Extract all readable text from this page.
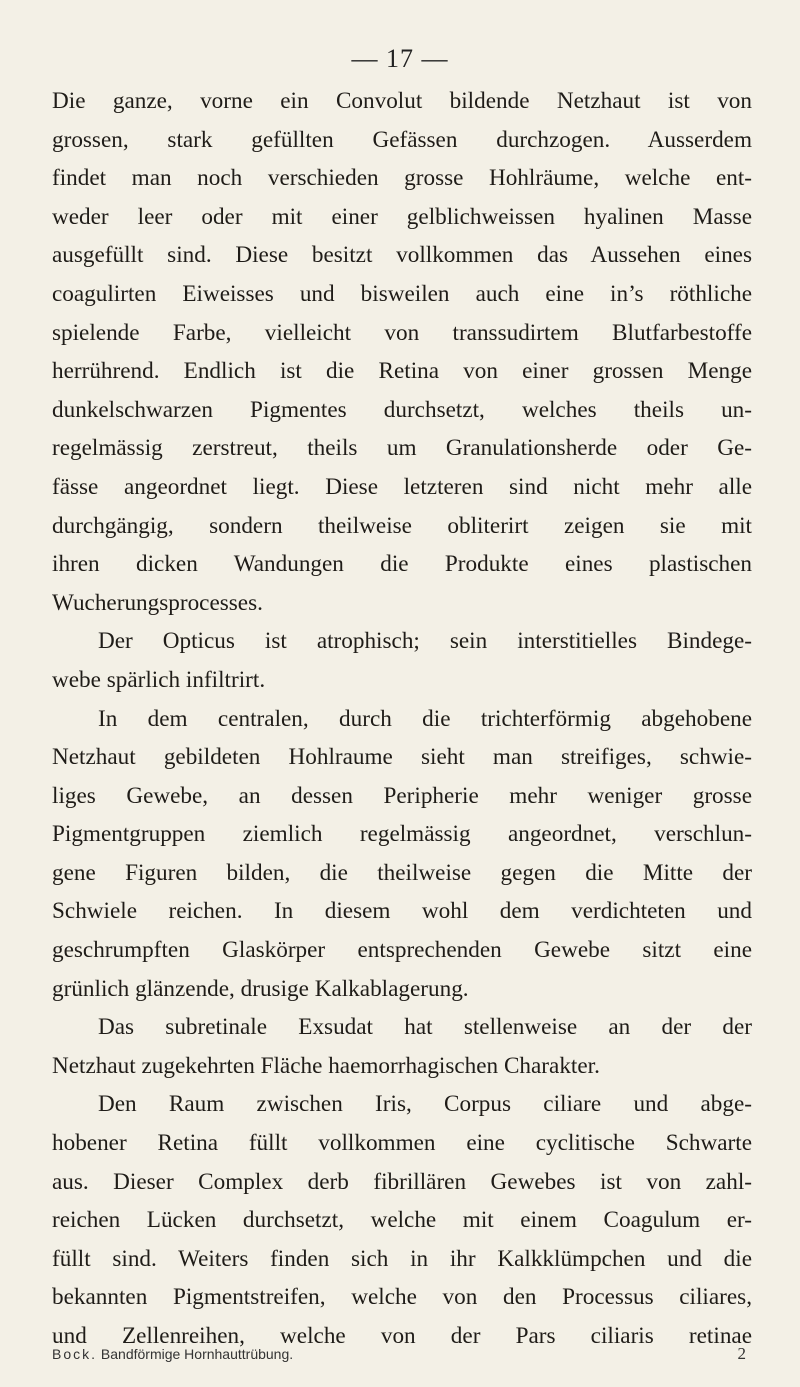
— 17 —
Die ganze, vorne ein Convolut bildende Netzhaut ist von
grossen, stark gefüllten Gefässen durchzogen. Ausserdem
findet man noch verschieden grosse Hohlräume, welche ent-
weder leer oder mit einer gelblichweissen hyalinen Masse
ausgefüllt sind. Diese besitzt vollkommen das Aussehen eines
coagulirten Eiweisses und bisweilen auch eine in’s röthliche
spielende Farbe, vielleicht von transsudirtem Blutfarbestoffe
herrührend. Endlich ist die Retina von einer grossen Menge
dunkelschwarzen Pigmentes durchsetzt, welches theils un-
regelmässig zerstreut, theils um Granulationsherde oder Ge-
fässe angeordnet liegt. Diese letzteren sind nicht mehr alle
durchgängig, sondern theilweise obliterirt zeigen sie mit
ihren dicken Wandungen die Produkte eines plastischen
Wucherungsprocesses.
Der Opticus ist atrophisch; sein interstitielles Bindege-
webe spärlich infiltrirt.
In dem centralen, durch die trichterförmig abgehobene
Netzhaut gebildeten Hohlraume sieht man streifiges, schwie-
liges Gewebe, an dessen Peripherie mehr weniger grosse
Pigmentgruppen ziemlich regelmässig angeordnet, verschlun-
gene Figuren bilden, die theilweise gegen die Mitte der
Schwiele reichen. In diesem wohl dem verdichteten und
geschrumpften Glaskörper entsprechenden Gewebe sitzt eine
grünlich glänzende, drusige Kalkablagerung.
Das subretinale Exsudat hat stellenweise an der der
Netzhaut zugekehrten Fläche haemorrhagischen Charakter.
Den Raum zwischen Iris, Corpus ciliare und abge-
hobener Retina füllt vollkommen eine cyclitische Schwarte
aus. Dieser Complex derb fibrillären Gewebes ist von zahl-
reichen Lücken durchsetzt, welche mit einem Coagulum er-
füllt sind. Weiters finden sich in ihr Kalkklümpchen und die
bekannten Pigmentstreifen, welche von den Processus ciliares,
und Zellenreihen, welche von der Pars ciliaris retinae
Bock. Bandförmige Hornhauttrübung.	2
